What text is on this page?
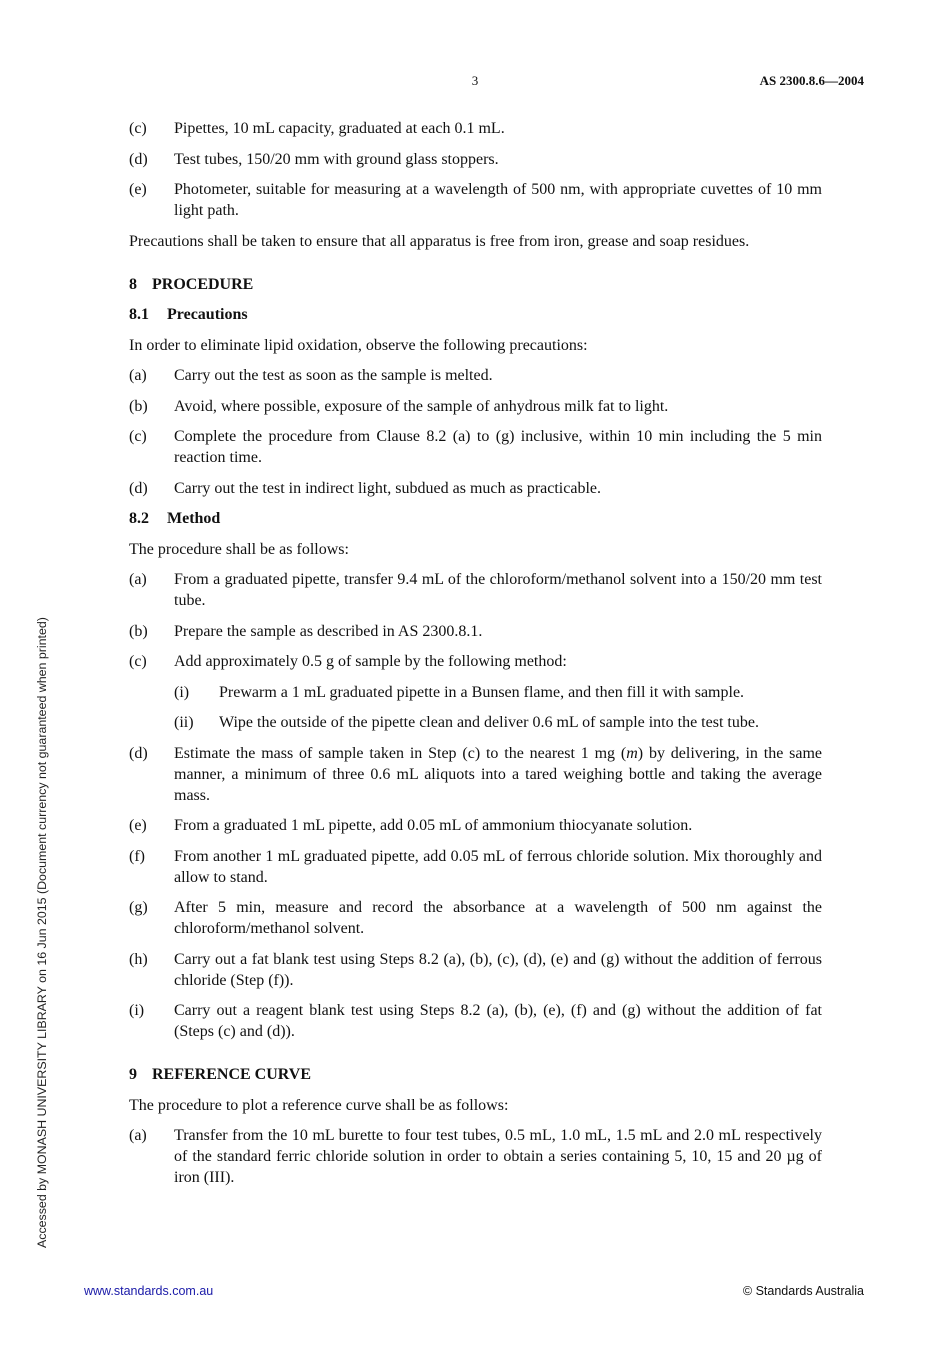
3	AS 2300.8.6—2004
(c)	Pipettes, 10 mL capacity, graduated at each 0.1 mL.
(d)	Test tubes, 150/20 mm with ground glass stoppers.
(e)	Photometer, suitable for measuring at a wavelength of 500 nm, with appropriate cuvettes of 10 mm light path.

Precautions shall be taken to ensure that all apparatus is free from iron, grease and soap residues.

8 PROCEDURE
8.1 Precautions

In order to eliminate lipid oxidation, observe the following precautions:

(a)	Carry out the test as soon as the sample is melted.
(b)	Avoid, where possible, exposure of the sample of anhydrous milk fat to light.
(c)	Complete the procedure from Clause 8.2 (a) to (g) inclusive, within 10 min including the 5 min reaction time.
(d)	Carry out the test in indirect light, subdued as much as practicable.
8.2 Method

The procedure shall be as follows:

(a)	From a graduated pipette, transfer 9.4 mL of the chloroform/methanol solvent into a 150/20 mm test tube.
(b)	Prepare the sample as described in AS 2300.8.1.
(c)	Add approximately 0.5 g of sample by the following method:
(i)	Prewarm a 1 mL graduated pipette in a Bunsen flame, and then fill it with sample.
(ii)	Wipe the outside of the pipette clean and deliver 0.6 mL of sample into the test tube.
(d)	Estimate the mass of sample taken in Step (c) to the nearest 1 mg (m) by delivering, in the same manner, a minimum of three 0.6 mL aliquots into a tared weighing bottle and taking the average mass.
(e)	From a graduated 1 mL pipette, add 0.05 mL of ammonium thiocyanate solution.
(f)	From another 1 mL graduated pipette, add 0.05 mL of ferrous chloride solution. Mix thoroughly and allow to stand.
(g)	After 5 min, measure and record the absorbance at a wavelength of 500 nm against the chloroform/methanol solvent.
(h)	Carry out a fat blank test using Steps 8.2 (a), (b), (c), (d), (e) and (g) without the addition of ferrous chloride (Step (f)).
(i)	Carry out a reagent blank test using Steps 8.2 (a), (b), (e), (f) and (g) without the addition of fat (Steps (c) and (d)).
9 REFERENCE CURVE

The procedure to plot a reference curve shall be as follows:

(a)	Transfer from the 10 mL burette to four test tubes, 0.5 mL, 1.0 mL, 1.5 mL and 2.0 mL respectively of the standard ferric chloride solution in order to obtain a series containing 5, 10, 15 and 20 µg of iron (III).
Accessed by MONASH UNIVERSITY LIBRARY on 16 Jun 2015 (Document currency not guaranteed when printed)
www.standards.com.au	© Standards Australia
